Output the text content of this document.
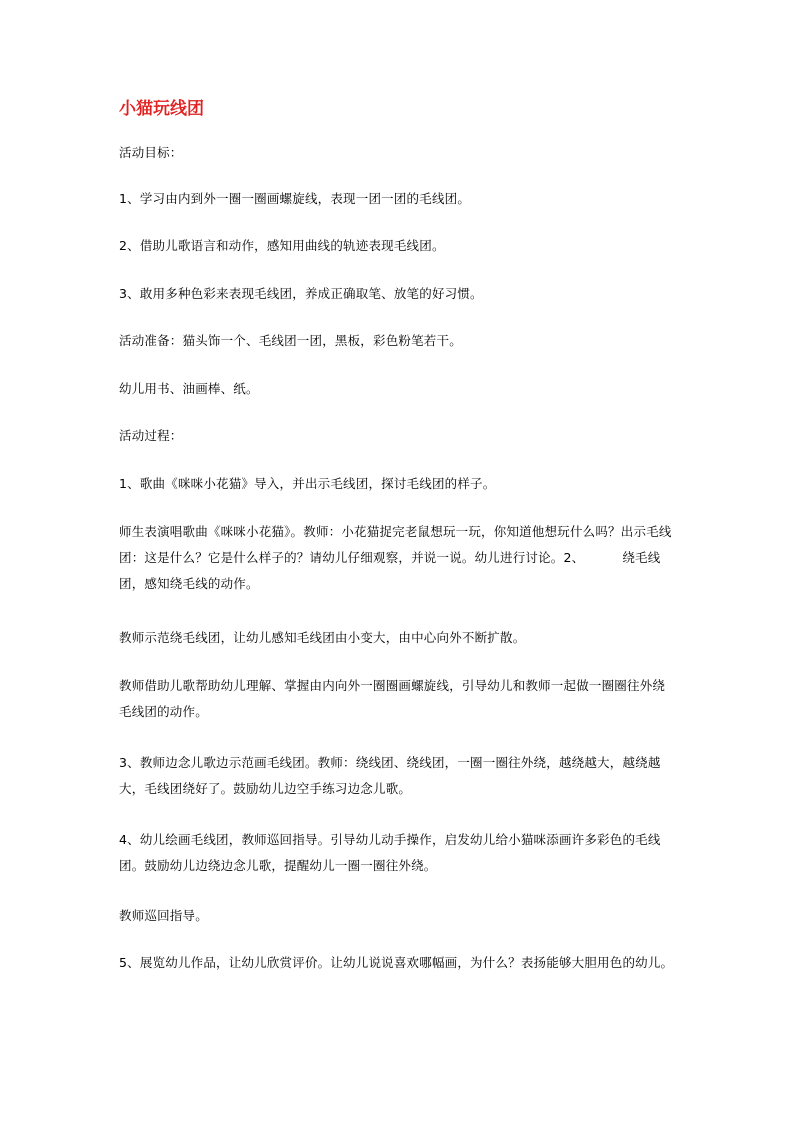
小猫玩线团

活动目标：

1、学习由内到外一圈一圈画螺旋线，表现一团一团的毛线团。

2、借助儿歌语言和动作，感知用曲线的轨迹表现毛线团。

3、敢用多种色彩来表现毛线团，养成正确取笔、放笔的好习惯。

活动准备：猫头饰一个、毛线团一团，黑板，彩色粉笔若干。

幼儿用书、油画棒、纸。

活动过程：

1、歌曲《咪咪小花猫》导入，并出示毛线团，探讨毛线团的样子。

师生表演唱歌曲《咪咪小花猫》。教师：小花猫捉完老鼠想玩一玩，你知道他想玩什么吗？出示毛线团：这是什么？它是什么样子的？请幼儿仔细观察，并说一说。幼儿进行讨论。2、	绕毛线团，感知绕毛线的动作。

教师示范绕毛线团，让幼儿感知毛线团由小变大，由中心向外不断扩散。

教师借助儿歌帮助幼儿理解、掌握由内向外一圈圈画螺旋线，引导幼儿和教师一起做一圈圈往外绕毛线团的动作。

3、教师边念儿歌边示范画毛线团。教师：绕线团、绕线团，一圈一圈往外绕，越绕越大，越绕越大，毛线团绕好了。鼓励幼儿边空手练习边念儿歌。

4、幼儿绘画毛线团，教师巡回指导。引导幼儿动手操作，启发幼儿给小猫咪添画许多彩色的毛线团。鼓励幼儿边绕边念儿歌，提醒幼儿一圈一圈往外绕。

教师巡回指导。

5、展览幼儿作品，让幼儿欣赏评价。让幼儿说说喜欢哪幅画，为什么？表扬能够大胆用色的幼儿。
